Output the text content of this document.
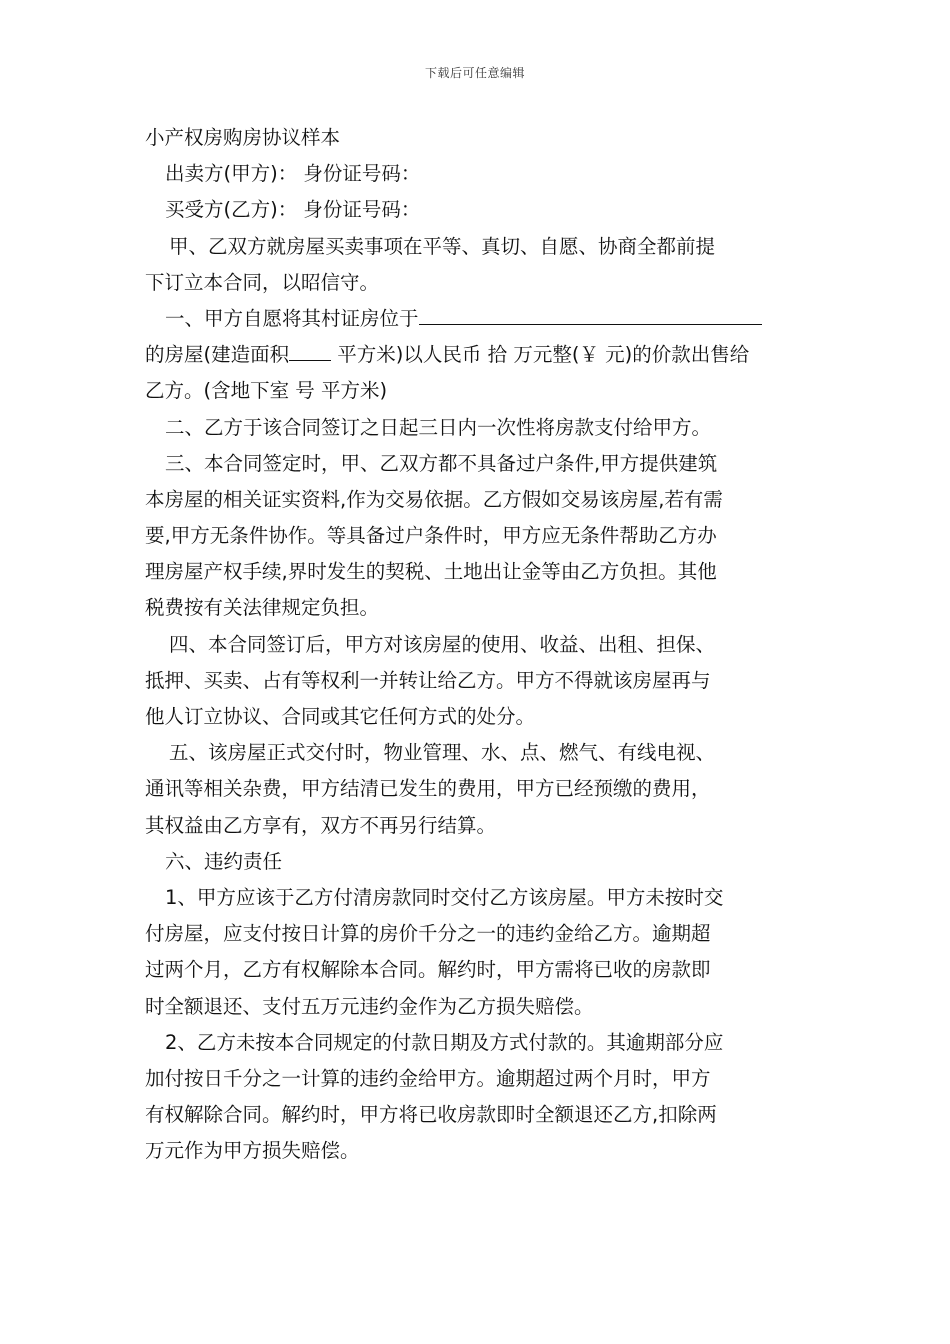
下载后可任意编辑
小产权房购房协议样本
出卖方(甲方)： 身份证号码：
买受方(乙方)： 身份证号码：
甲、乙双方就房屋买卖事项在平等、真切、自愿、协商全都前提
下订立本合同，以昭信守。
一、甲方自愿将其村证房位于
的房屋(建造面积 平方米)以人民币 拾 万元整(￥ 元)的价款出售给
乙方。(含地下室 号 平方米)
二、乙方于该合同签订之日起三日内一次性将房款支付给甲方。
三、本合同签定时，甲、乙双方都不具备过户条件,甲方提供建筑
本房屋的相关证实资料,作为交易依据。乙方假如交易该房屋,若有需
要,甲方无条件协作。等具备过户条件时，甲方应无条件帮助乙方办
理房屋产权手续,界时发生的契税、土地出让金等由乙方负担。其他
税费按有关法律规定负担。
四、本合同签订后，甲方对该房屋的使用、收益、出租、担保、
抵押、买卖、占有等权利一并转让给乙方。甲方不得就该房屋再与
他人订立协议、合同或其它任何方式的处分。
五、该房屋正式交付时，物业管理、水、点、燃气、有线电视、
通讯等相关杂费，甲方结清已发生的费用，甲方已经预缴的费用，
其权益由乙方享有，双方不再另行结算。
六、违约责任
1、甲方应该于乙方付清房款同时交付乙方该房屋。甲方未按时交
付房屋，应支付按日计算的房价千分之一的违约金给乙方。逾期超
过两个月，乙方有权解除本合同。解约时，甲方需将已收的房款即
时全额退还、支付五万元违约金作为乙方损失赔偿。
2、乙方未按本合同规定的付款日期及方式付款的。其逾期部分应
加付按日千分之一计算的违约金给甲方。逾期超过两个月时，甲方
有权解除合同。解约时，甲方将已收房款即时全额退还乙方,扣除两
万元作为甲方损失赔偿。
